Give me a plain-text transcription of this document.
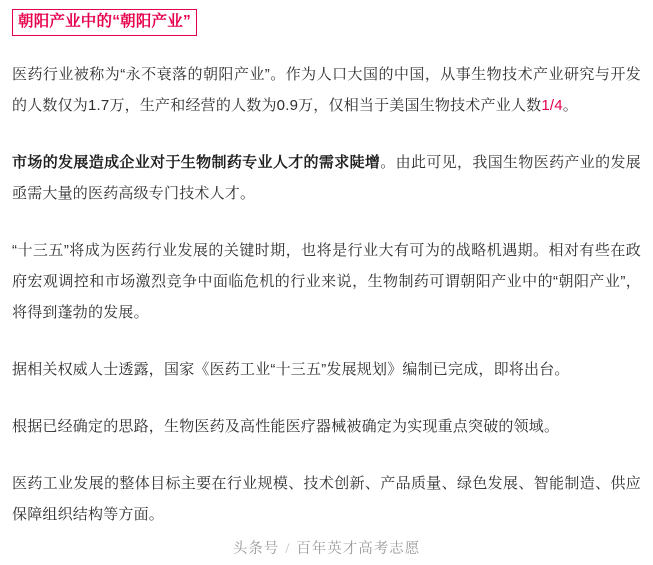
朝阳产业中的“朝阳产业”

医药行业被称为“永不衰落的朝阳产业”。作为人口大国的中国，从事生物技术产业研究与开发的人数仅为1.7万，生产和经营的人数为0.9万，仅相当于美国生物技术产业人数1/4。

市场的发展造成企业对于生物制药专业人才的需求陡增。由此可见，我国生物医药产业的发展亟需大量的医药高级专门技术人才。

“十三五”将成为医药行业发展的关键时期，也将是行业大有可为的战略机遇期。相对有些在政府宏观调控和市场激烈竞争中面临危机的行业来说，生物制药可谓朝阳产业中的“朝阳产业”，将得到蓬勃的发展。

据相关权威人士透露，国家《医药工业“十三五”发展规划》编制已完成，即将出台。

根据已经确定的思路，生物医药及高性能医疗器械被确定为实现重点突破的领域。

医药工业发展的整体目标主要在行业规模、技术创新、产品质量、绿色发展、智能制造、供应保障组织结构等方面。

头条号 / 百年英才高考志愿
